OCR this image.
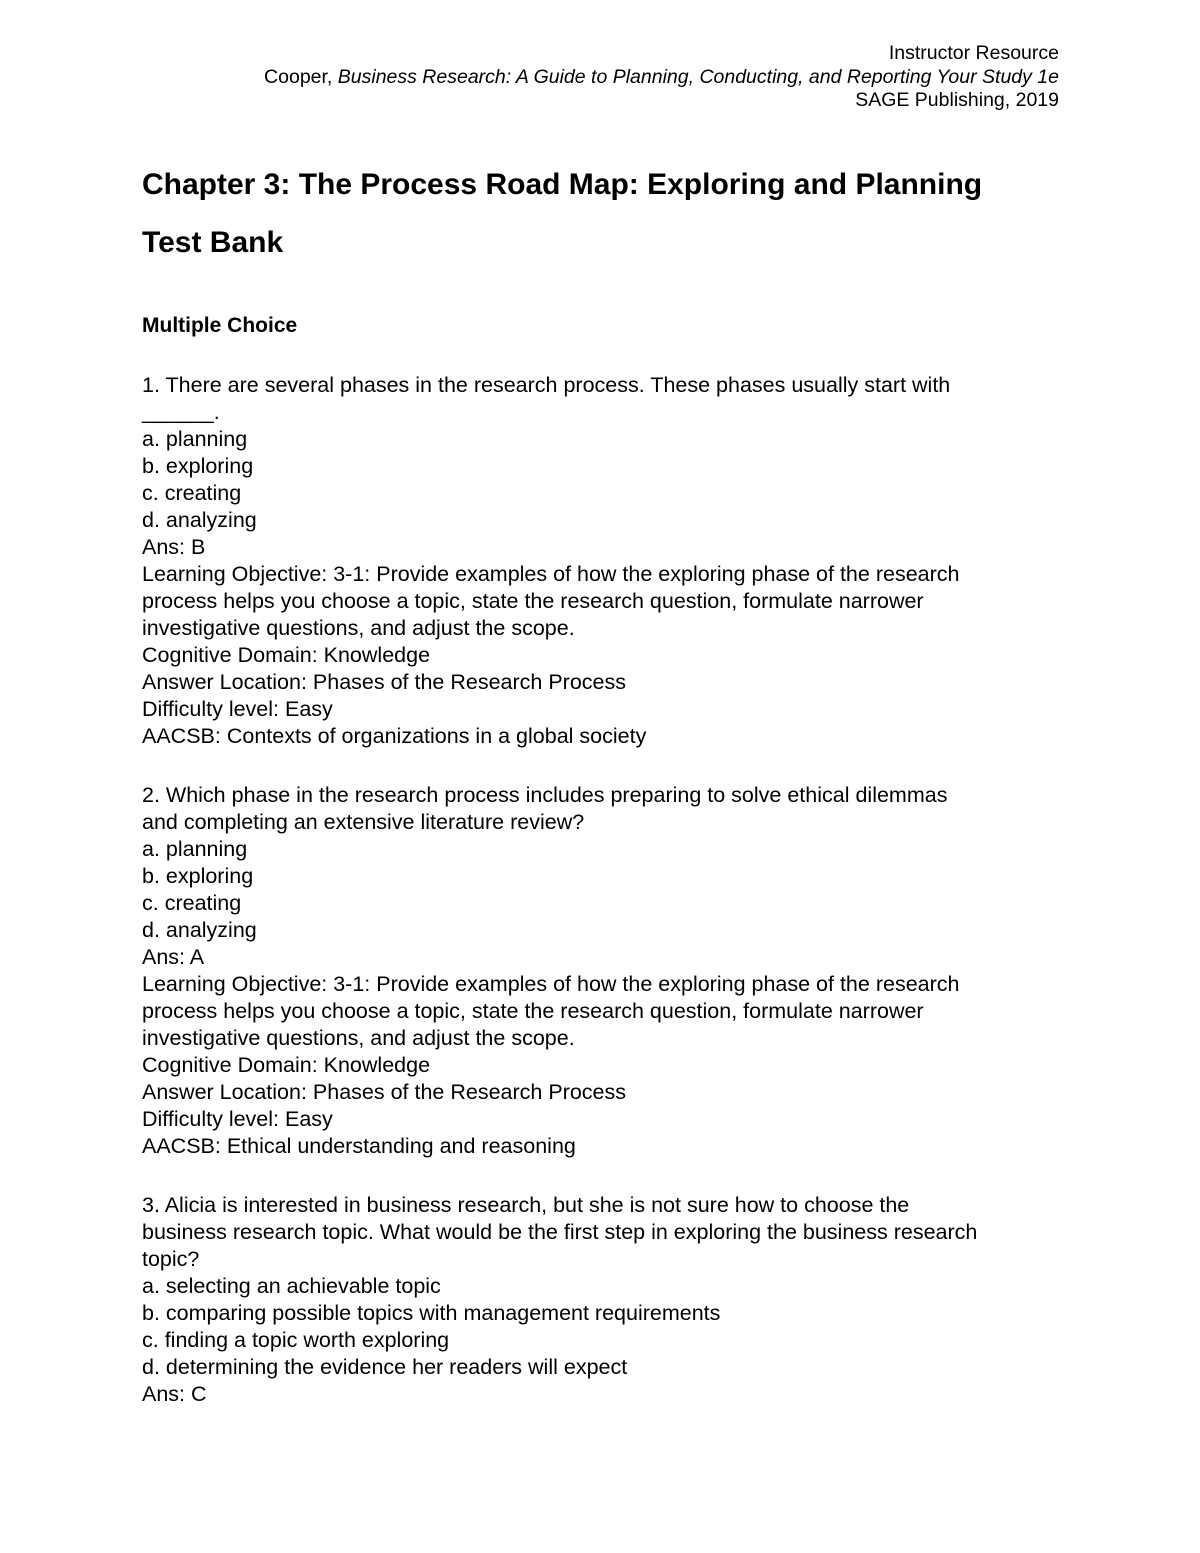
Instructor Resource
Cooper, Business Research: A Guide to Planning, Conducting, and Reporting Your Study 1e
SAGE Publishing, 2019
Chapter 3: The Process Road Map: Exploring and Planning
Test Bank
Multiple Choice
1. There are several phases in the research process. These phases usually start with
______.
a. planning
b. exploring
c. creating
d. analyzing
Ans: B
Learning Objective: 3-1: Provide examples of how the exploring phase of the research
process helps you choose a topic, state the research question, formulate narrower
investigative questions, and adjust the scope.
Cognitive Domain: Knowledge
Answer Location: Phases of the Research Process
Difficulty level: Easy
AACSB: Contexts of organizations in a global society
2. Which phase in the research process includes preparing to solve ethical dilemmas
and completing an extensive literature review?
a. planning
b. exploring
c. creating
d. analyzing
Ans: A
Learning Objective: 3-1: Provide examples of how the exploring phase of the research
process helps you choose a topic, state the research question, formulate narrower
investigative questions, and adjust the scope.
Cognitive Domain: Knowledge
Answer Location: Phases of the Research Process
Difficulty level: Easy
AACSB: Ethical understanding and reasoning
3. Alicia is interested in business research, but she is not sure how to choose the
business research topic. What would be the first step in exploring the business research
topic?
a. selecting an achievable topic
b. comparing possible topics with management requirements
c. finding a topic worth exploring
d. determining the evidence her readers will expect
Ans: C
